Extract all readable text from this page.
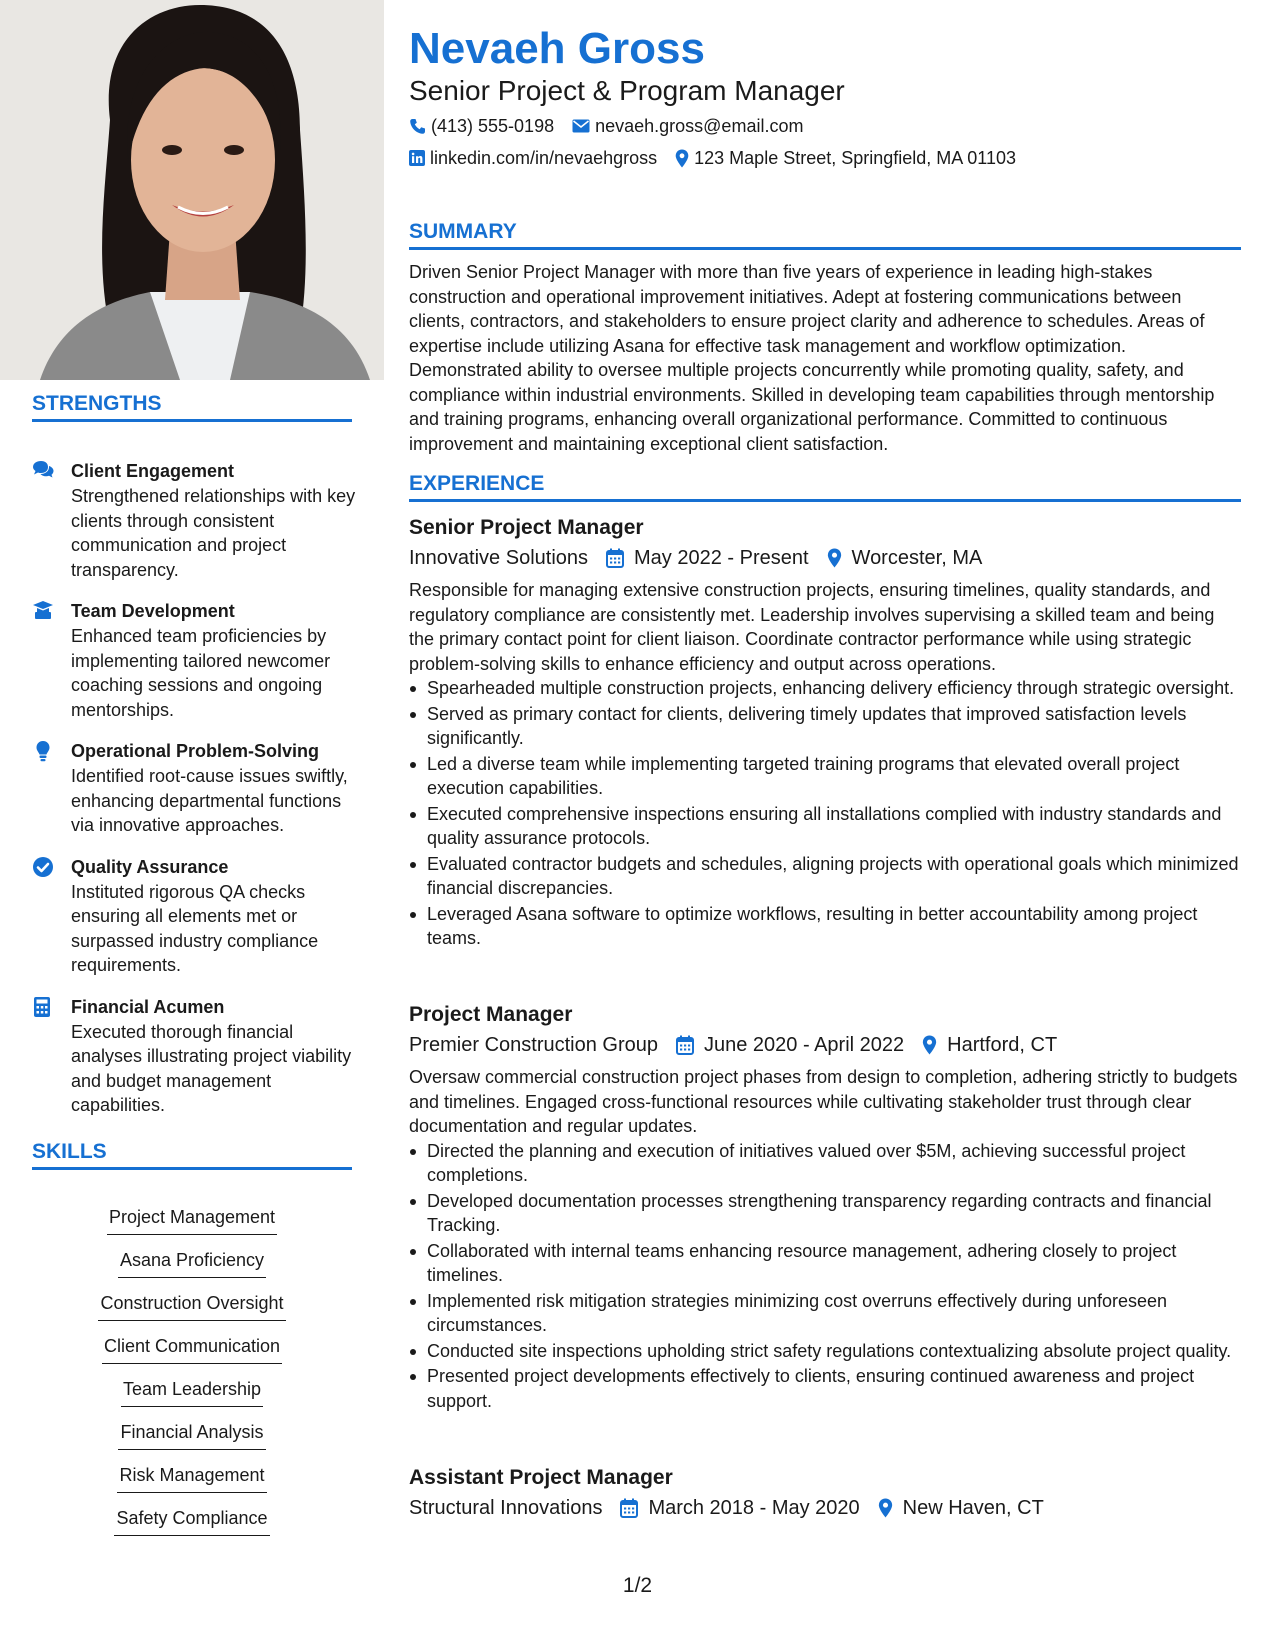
STRENGTHS
Client Engagement
Strengthened relationships with key clients through consistent communication and project transparency.
Team Development
Enhanced team proficiencies by implementing tailored newcomer coaching sessions and ongoing mentorships.
Operational Problem-Solving
Identified root-cause issues swiftly, enhancing departmental functions via innovative approaches.
Quality Assurance
Instituted rigorous QA checks ensuring all elements met or surpassed industry compliance requirements.
Financial Acumen
Executed thorough financial analyses illustrating project viability and budget management capabilities.
SKILLS
Project Management
Asana Proficiency
Construction Oversight
Client Communication
Team Leadership
Financial Analysis
Risk Management
Safety Compliance
Nevaeh Gross
Senior Project & Program Manager
(413) 555-0198 nevaeh.gross@email.com
linkedin.com/in/nevaehgross 123 Maple Street, Springfield, MA 01103
SUMMARY
Driven Senior Project Manager with more than five years of experience in leading high-stakes construction and operational improvement initiatives. Adept at fostering communications between clients, contractors, and stakeholders to ensure project clarity and adherence to schedules. Areas of expertise include utilizing Asana for effective task management and workflow optimization. Demonstrated ability to oversee multiple projects concurrently while promoting quality, safety, and compliance within industrial environments. Skilled in developing team capabilities through mentorship and training programs, enhancing overall organizational performance. Committed to continuous improvement and maintaining exceptional client satisfaction.
EXPERIENCE
Senior Project Manager
Innovative Solutions May 2022 - Present Worcester, MA
Responsible for managing extensive construction projects, ensuring timelines, quality standards, and regulatory compliance are consistently met. Leadership involves supervising a skilled team and being the primary contact point for client liaison. Coordinate contractor performance while using strategic problem-solving skills to enhance efficiency and output across operations.
Spearheaded multiple construction projects, enhancing delivery efficiency through strategic oversight.
Served as primary contact for clients, delivering timely updates that improved satisfaction levels significantly.
Led a diverse team while implementing targeted training programs that elevated overall project execution capabilities.
Executed comprehensive inspections ensuring all installations complied with industry standards and quality assurance protocols.
Evaluated contractor budgets and schedules, aligning projects with operational goals which minimized financial discrepancies.
Leveraged Asana software to optimize workflows, resulting in better accountability among project teams.
Project Manager
Premier Construction Group June 2020 - April 2022 Hartford, CT
Oversaw commercial construction project phases from design to completion, adhering strictly to budgets and timelines. Engaged cross-functional resources while cultivating stakeholder trust through clear documentation and regular updates.
Directed the planning and execution of initiatives valued over $5M, achieving successful project completions.
Developed documentation processes strengthening transparency regarding contracts and financial Tracking.
Collaborated with internal teams enhancing resource management, adhering closely to project timelines.
Implemented risk mitigation strategies minimizing cost overruns effectively during unforeseen circumstances.
Conducted site inspections upholding strict safety regulations contextualizing absolute project quality.
Presented project developments effectively to clients, ensuring continued awareness and project support.
Assistant Project Manager
Structural Innovations March 2018 - May 2020 New Haven, CT
1/2
